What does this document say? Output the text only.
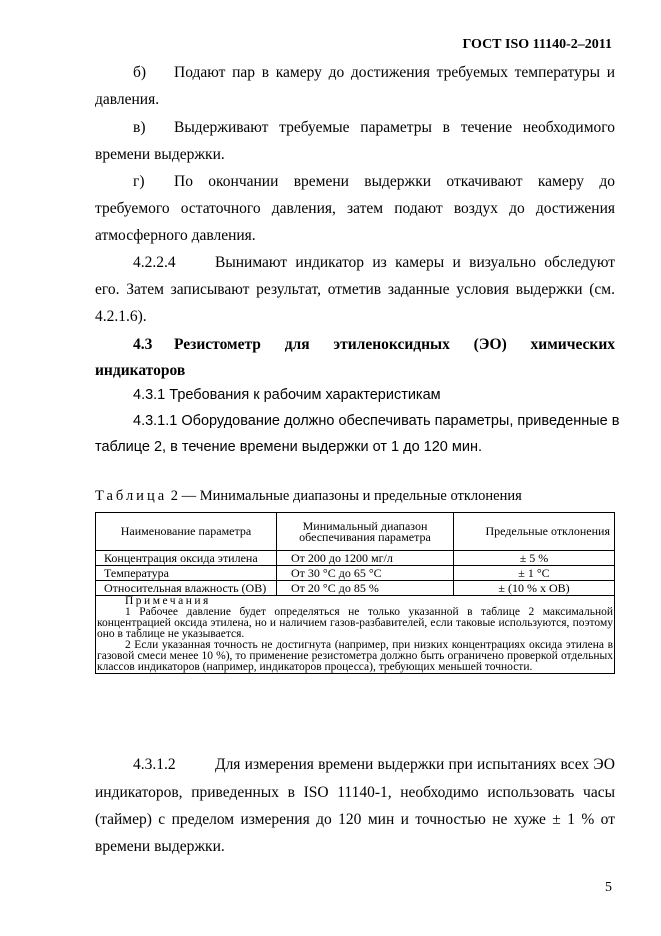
ГОСТ ISO 11140-2–2011
б) Подают пар в камеру до достижения требуемых температуры и
давления.
в) Выдерживают требуемые параметры в течение необходимого
времени выдержки.
г) По окончании времени выдержки откачивают камеру до
требуемого остаточного давления, затем подают воздух до достижения
атмосферного давления.
4.2.2.4	Вынимают индикатор из камеры и визуально обследуют
его. Затем записывают результат, отметив заданные условия выдержки (см.
4.2.1.6).
4.3 Резистометр для этиленоксидных (ЭО) химических
индикаторов
4.3.1 Требования к рабочим характеристикам
4.3.1.1 Оборудование должно обеспечивать параметры, приведенные в
таблице 2, в течение времени выдержки от 1 до 120 мин.
Таблица 2 — Минимальные диапазоны и предельные отклонения
Наименование параметра	Минимальный диапазон обеспечивания параметра	Предельные отклонения
Концентрация оксида этилена	От 200 до 1200 мг/л	± 5 %
Температура	От 30 °С до 65 °С	± 1 °С
Относительная влажность (ОВ)	От 20 °С до 85 %	± (10 % х ОВ)

Примечания
1 Рабочее давление будет определяться не только указанной в таблице 2 максимальной концентрацией оксида этилена, но и наличием газов-разбавителей, если таковые используются, поэтому оно в таблице не указывается.
2 Если указанная точность не достигнута (например, при низких концентрациях оксида этилена в газовой смеси менее 10 %), то применение резистометра должно быть ограничено проверкой отдельных классов индикаторов (например, индикаторов процесса), требующих меньшей точности.		
4.3.1.2	Для измерения времени выдержки при испытаниях всех ЭО
индикаторов, приведенных в ISO 11140-1, необходимо использовать часы
(таймер) с пределом измерения до 120 мин и точностью не хуже ± 1 % от
времени выдержки.
5
